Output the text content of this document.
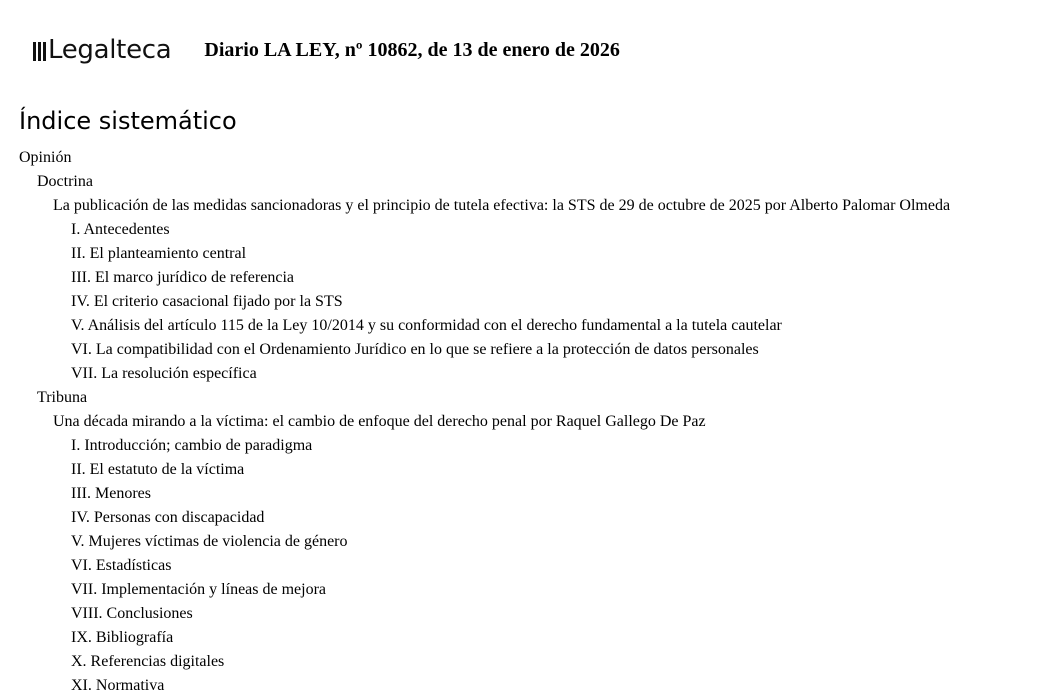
Legalteca Diario LA LEY, nº 10862, de 13 de enero de 2026
Índice sistemático
Opinión
Doctrina
La publicación de las medidas sancionadoras y el principio de tutela efectiva: la STS de 29 de octubre de 2025 por Alberto Palomar Olmeda
I. Antecedentes
II. El planteamiento central
III. El marco jurídico de referencia
IV. El criterio casacional fijado por la STS
V. Análisis del artículo 115 de la Ley 10/2014 y su conformidad con el derecho fundamental a la tutela cautelar
VI. La compatibilidad con el Ordenamiento Jurídico en lo que se refiere a la protección de datos personales
VII. La resolución específica
Tribuna
Una década mirando a la víctima: el cambio de enfoque del derecho penal por Raquel Gallego De Paz
I. Introducción; cambio de paradigma
II. El estatuto de la víctima
III. Menores
IV. Personas con discapacidad
V. Mujeres víctimas de violencia de género
VI. Estadísticas
VII. Implementación y líneas de mejora
VIII. Conclusiones
IX. Bibliografía
X. Referencias digitales
XI. Normativa
